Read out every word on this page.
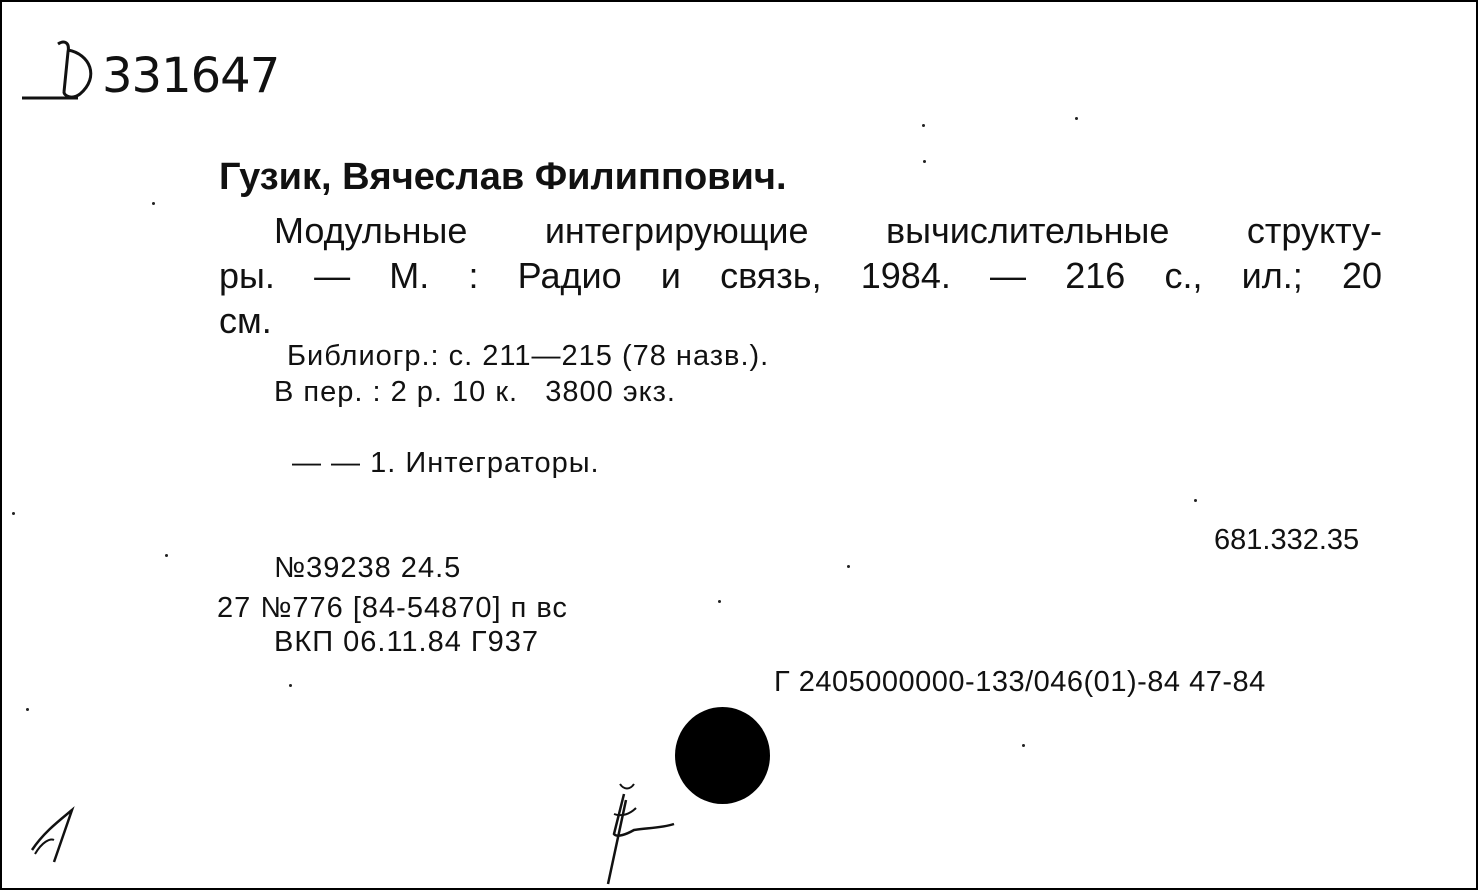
331647
Гузик, Вячеслав Филиппович.
Модульные интегрирующие вычислительные структу-
ры. — М. : Радио и связь, 1984. — 216 с., ил.; 20
см.
Библиогр.: с. 211—215 (78 назв.).
В пер. : 2 р. 10 к.   3800 экз.
— — 1. Интеграторы.
681.332.35
№39238 24.5
27 №776 [84-54870] п вс
ВКП 06.11.84 Г937
Г 2405000000-133/046(01)-84 47-84
